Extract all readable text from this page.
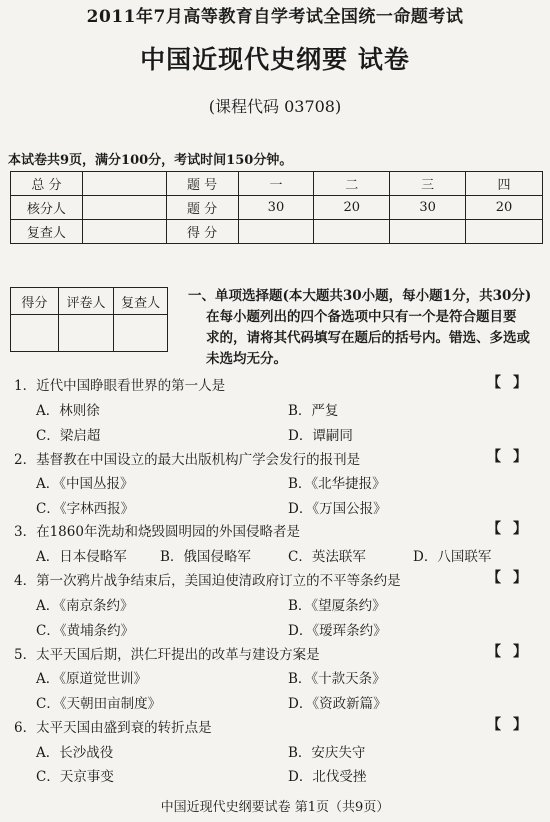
2011年7月高等教育自学考试全国统一命题考试
中国近现代史纲要 试卷
(课程代码 03708)
本试卷共9页，满分100分，考试时间150分钟。
总 分		题 号	一	二	三	四
核分人		题 分	30	20	30	20
复查人		得 分				
得分	评卷人	复查人
		一、单项选择题(本大题共30小题，每小题1分，共30分)
在每小题列出的四个备选项中只有一个是符合题目要
求的，请将其代码填写在题后的括号内。错选、多选或
未选均无分。
1．近代中国睁眼看世界的第一人是	【 】
A．林则徐	B．严复
C．梁启超	D．谭嗣同
2．基督教在中国设立的最大出版机构广学会发行的报刊是	【 】
A．《中国丛报》	B．《北华捷报》
C．《字林西报》	D．《万国公报》
3．在1860年洗劫和烧毁圆明园的外国侵略者是	【 】
A．日本侵略军 B．俄国侵略军	C．英法联军	D．八国联军
4．第一次鸦片战争结束后，美国迫使清政府订立的不平等条约是	【 】
A．《南京条约》	B．《望厦条约》
C．《黄埔条约》	D．《瑷珲条约》
5．太平天国后期，洪仁玕提出的改革与建设方案是	【 】
A．《原道觉世训》	B．《十款天条》
C．《天朝田亩制度》	D．《资政新篇》
6．太平天国由盛到衰的转折点是	【 】
A．长沙战役	B．安庆失守
C．天京事变	D．北伐受挫
中国近现代史纲要试卷 第1页（共9页）
